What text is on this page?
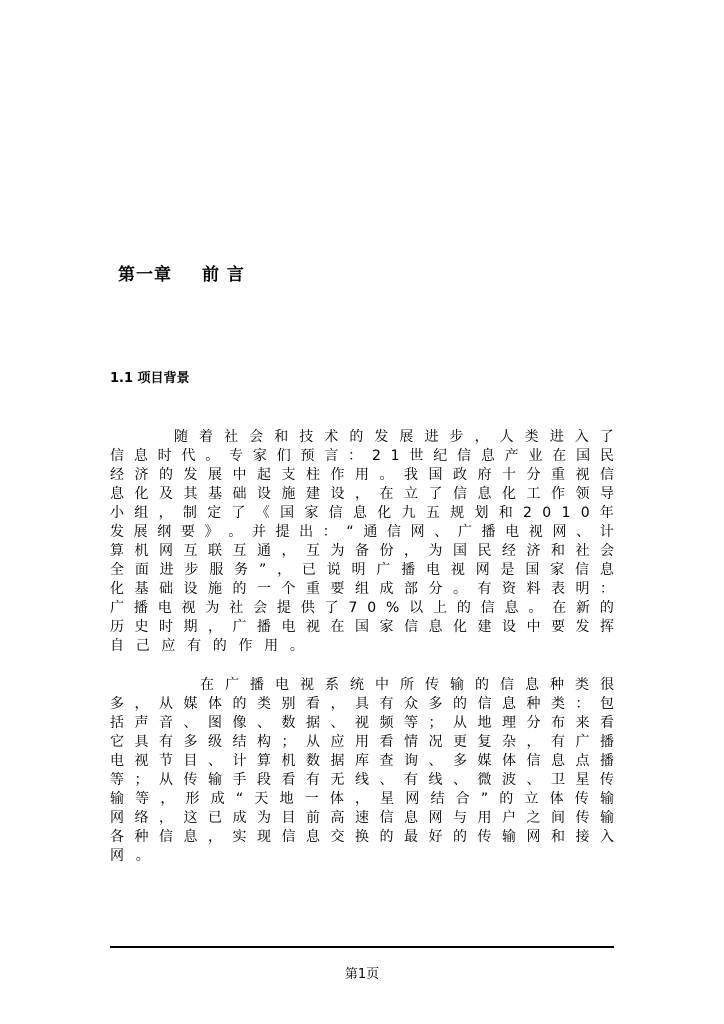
第一章 前 言
1.1 项目背景
随 着 社 会 和 技 术 的 发 展 进 步 ， 人 类 进 入 了
信 息 时 代 。 专 家 们 预 言 ： 2 1 世 纪 信 息 产 业 在 国 民
经 济 的 发 展 中 起 支 柱 作 用 。 我 国 政 府 十 分 重 视 信
息 化 及 其 基 础 设 施 建 设 ， 在 立 了 信 息 化 工 作 领 导
小 组 ， 制 定 了 《 国 家 信 息 化 九 五 规 划 和 2 0 1 0 年
发 展 纲 要 》 。 并 提 出 ： “ 通 信 网 、 广 播 电 视 网 、 计
算 机 网 互 联 互 通 ， 互 为 备 份 ， 为 国 民 经 济 和 社 会
全 面 进 步 服 务 ” ， 已 说 明 广 播 电 视 网 是 国 家 信 息
化 基 础 设 施 的 一 个 重 要 组 成 部 分 。 有 资 料 表 明 ：
广 播 电 视 为 社 会 提 供 了 7 0 % 以 上 的 信 息 。 在 新 的
历 史 时 期 ， 广 播 电 视 在 国 家 信 息 化 建 设 中 要 发 挥
自 己 应 有 的 作 用 。
在 广 播 电 视 系 统 中 所 传 输 的 信 息 种 类 很
多 ， 从 媒 体 的 类 别 看 ， 具 有 众 多 的 信 息 种 类 ： 包
括 声 音 、 图 像 、 数 据 、 视 频 等 ； 从 地 理 分 布 来 看
它 具 有 多 级 结 构 ； 从 应 用 看 情 况 更 复 杂 ， 有 广 播
电 视 节 目 、 计 算 机 数 据 库 查 询 、 多 媒 体 信 息 点 播
等 ； 从 传 输 手 段 看 有 无 线 、 有 线 、 微 波 、 卫 星 传
输 等 ， 形 成 “ 天 地 一 体 ， 星 网 结 合 ” 的 立 体 传 输
网 络 ， 这 已 成 为 目 前 高 速 信 息 网 与 用 户 之 间 传 输
各 种 信 息 ， 实 现 信 息 交 换 的 最 好 的 传 输 网 和 接 入
网 。
第1页
